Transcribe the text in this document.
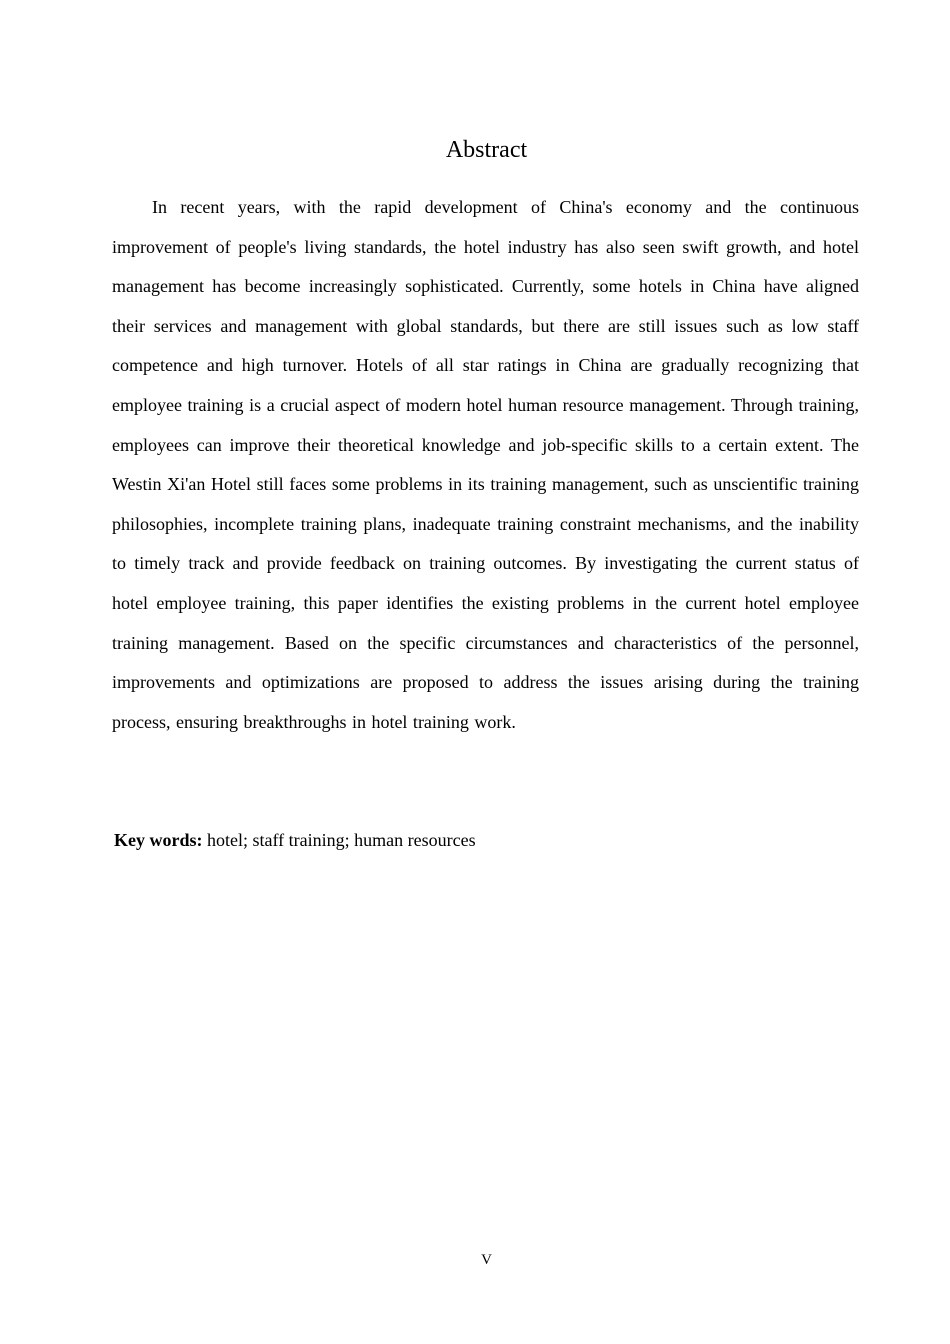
Abstract

In recent years, with the rapid development of China's economy and the continuous improvement of people's living standards, the hotel industry has also seen swift growth, and hotel management has become increasingly sophisticated. Currently, some hotels in China have aligned their services and management with global standards, but there are still issues such as low staff competence and high turnover. Hotels of all star ratings in China are gradually recognizing that employee training is a crucial aspect of modern hotel human resource management. Through training, employees can improve their theoretical knowledge and job-specific skills to a certain extent. The Westin Xi'an Hotel still faces some problems in its training management, such as unscientific training philosophies, incomplete training plans, inadequate training constraint mechanisms, and the inability to timely track and provide feedback on training outcomes. By investigating the current status of hotel employee training, this paper identifies the existing problems in the current hotel employee training management. Based on the specific circumstances and characteristics of the personnel, improvements and optimizations are proposed to address the issues arising during the training process, ensuring breakthroughs in hotel training work.

Key words: hotel; staff training; human resources

V
